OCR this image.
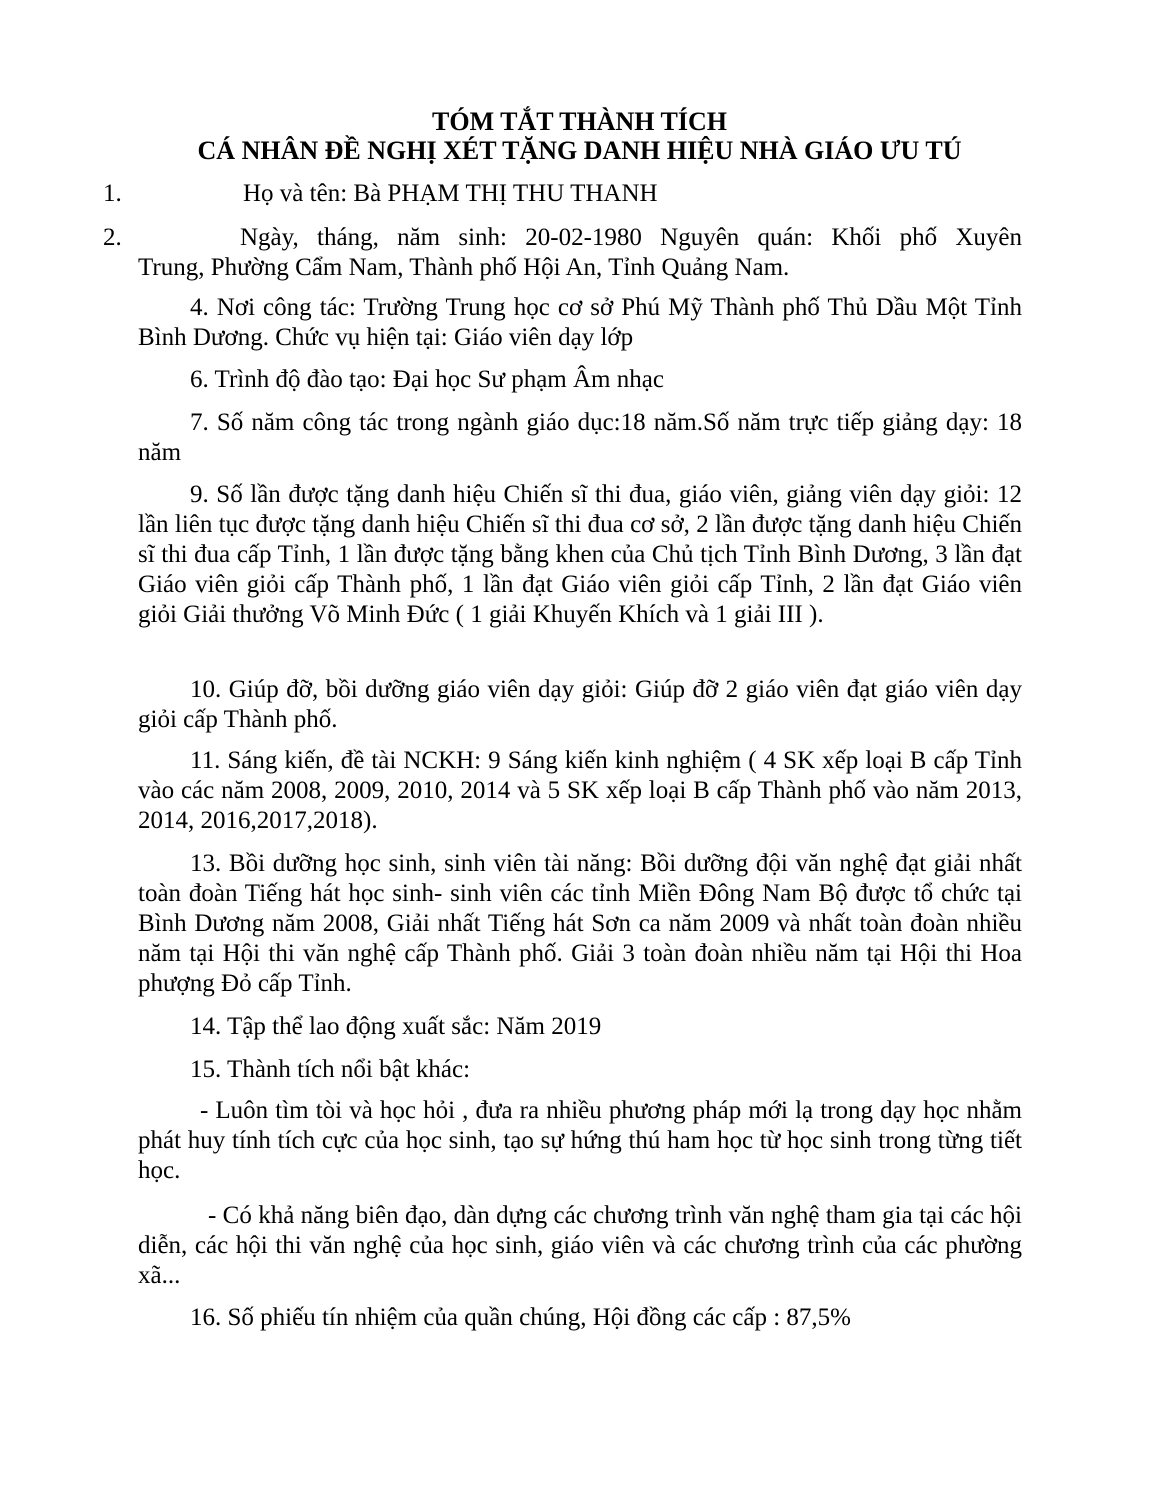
TÓM TẮT THÀNH TÍCH
CÁ NHÂN ĐỀ NGHỊ XÉT TẶNG DANH HIỆU NHÀ GIÁO ƯU TÚ
1.	Họ và tên: Bà PHẠM THỊ THU THANH
2.	Ngày, tháng, năm sinh: 20-02-1980 Nguyên quán: Khối phố Xuyên
Trung, Phường Cẩm Nam, Thành phố Hội An, Tỉnh Quảng Nam.
4. Nơi công tác: Trường Trung học cơ sở Phú Mỹ Thành phố Thủ Dầu Một Tỉnh Bình Dương. Chức vụ hiện tại: Giáo viên dạy lớp
6. Trình độ đào tạo: Đại học Sư phạm Âm nhạc
7. Số năm công tác trong ngành giáo dục:18 năm.Số năm trực tiếp giảng dạy: 18 năm
9. Số lần được tặng danh hiệu Chiến sĩ thi đua, giáo viên, giảng viên dạy giỏi: 12 lần liên tục được tặng danh hiệu Chiến sĩ thi đua cơ sở, 2 lần được tặng danh hiệu Chiến sĩ thi đua cấp Tỉnh, 1 lần được tặng bằng khen của Chủ tịch Tỉnh Bình Dương, 3 lần đạt Giáo viên giỏi cấp Thành phố, 1 lần đạt Giáo viên giỏi cấp Tỉnh, 2 lần đạt Giáo viên giỏi Giải thưởng Võ Minh Đức ( 1 giải Khuyến Khích và 1 giải III ).
10. Giúp đỡ, bồi dưỡng giáo viên dạy giỏi: Giúp đỡ 2 giáo viên đạt giáo viên dạy giỏi cấp Thành phố.
11. Sáng kiến, đề tài NCKH: 9 Sáng kiến kinh nghiệm ( 4 SK xếp loại B cấp Tỉnh vào các năm 2008, 2009, 2010, 2014 và 5 SK xếp loại B cấp Thành phố vào năm 2013, 2014, 2016,2017,2018).
13. Bồi dưỡng học sinh, sinh viên tài năng: Bồi dưỡng đội văn nghệ đạt giải nhất toàn đoàn Tiếng hát học sinh- sinh viên các tỉnh Miền Đông Nam Bộ được tổ chức tại Bình Dương năm 2008, Giải nhất Tiếng hát Sơn ca năm 2009 và nhất toàn đoàn nhiều năm tại Hội thi văn nghệ cấp Thành phố. Giải 3 toàn đoàn nhiều năm tại Hội thi Hoa phượng Đỏ cấp Tỉnh.
14. Tập thể lao động xuất sắc: Năm 2019
15. Thành tích nổi bật khác:
- Luôn tìm tòi và học hỏi , đưa ra nhiều phương pháp mới lạ trong dạy học nhằm phát huy tính tích cực của học sinh, tạo sự hứng thú ham học từ học sinh trong từng tiết học.
- Có khả năng biên đạo, dàn dựng các chương trình văn nghệ tham gia tại các hội diễn, các hội thi văn nghệ của học sinh, giáo viên và các chương trình của các phường xã...
16. Số phiếu tín nhiệm của quần chúng, Hội đồng các cấp : 87,5%
